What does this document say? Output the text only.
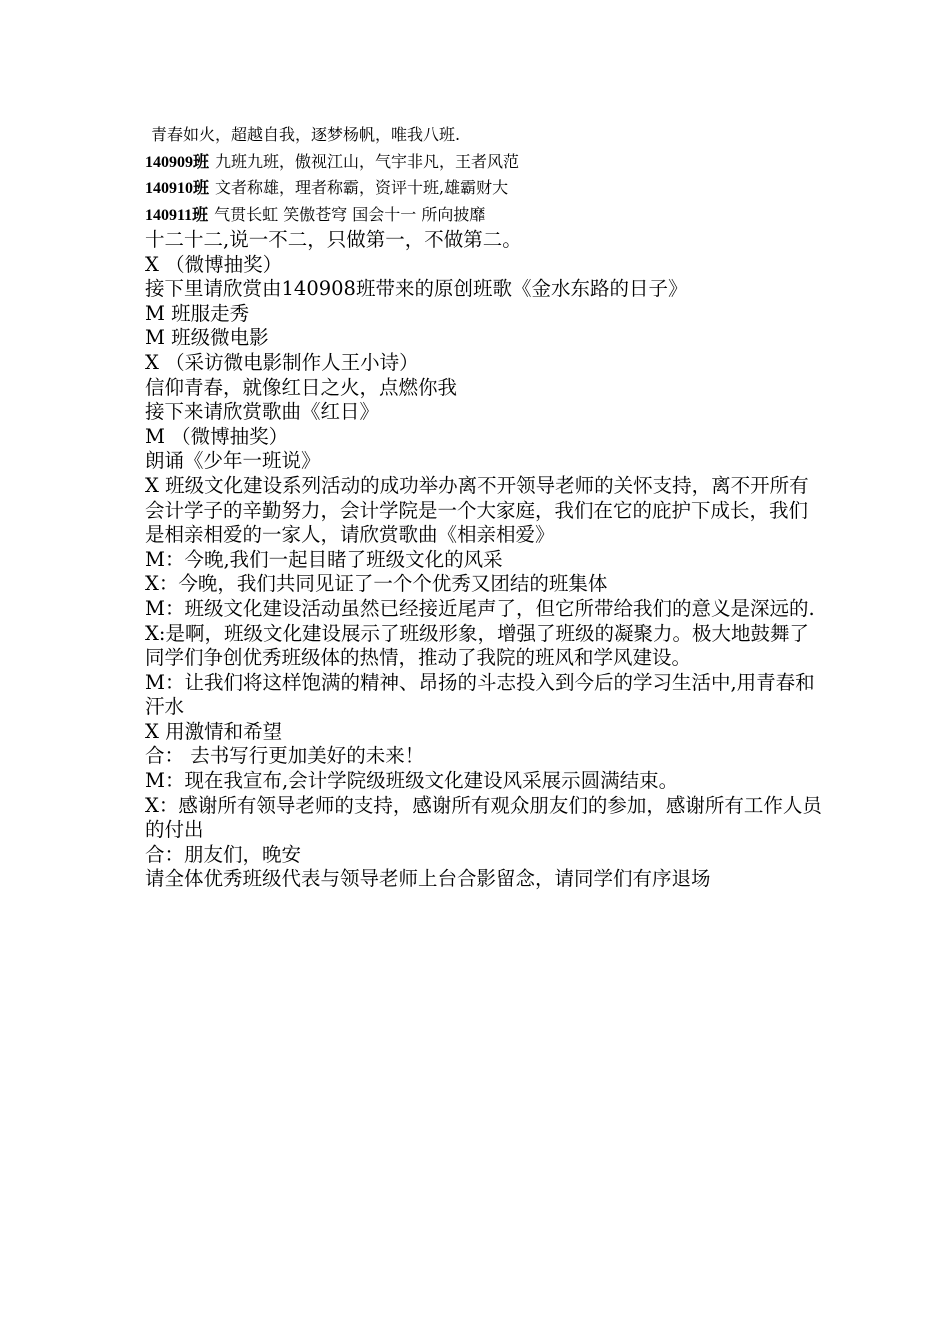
青春如火，超越自我，逐梦杨帆，唯我八班.
140909班 九班九班，傲视江山，气宇非凡，王者风范
140910班 文者称雄，理者称霸，资评十班,雄霸财大
140911班 气贯长虹 笑傲苍穹 国会十一 所向披靡
十二十二,说一不二，只做第一，不做第二。
X （微博抽奖）
接下里请欣赏由140908班带来的原创班歌《金水东路的日子》
M 班服走秀
M 班级微电影
X （采访微电影制作人王小诗）
信仰青春，就像红日之火，点燃你我
接下来请欣赏歌曲《红日》
M （微博抽奖）
朗诵《少年一班说》
X 班级文化建设系列活动的成功举办离不开领导老师的关怀支持，离不开所有会计学子的辛勤努力，会计学院是一个大家庭，我们在它的庇护下成长，我们是相亲相爱的一家人，请欣赏歌曲《相亲相爱》
M：今晚,我们一起目睹了班级文化的风采
X：今晚，我们共同见证了一个个优秀又团结的班集体
M：班级文化建设活动虽然已经接近尾声了，但它所带给我们的意义是深远的.
X:是啊，班级文化建设展示了班级形象，增强了班级的凝聚力。极大地鼓舞了同学们争创优秀班级体的热情，推动了我院的班风和学风建设。
M：让我们将这样饱满的精神、昂扬的斗志投入到今后的学习生活中,用青春和汗水
X 用激情和希望
合： 去书写行更加美好的未来！
M：现在我宣布,会计学院级班级文化建设风采展示圆满结束。
X：感谢所有领导老师的支持，感谢所有观众朋友们的参加，感谢所有工作人员的付出
合：朋友们，晚安
请全体优秀班级代表与领导老师上台合影留念，请同学们有序退场
